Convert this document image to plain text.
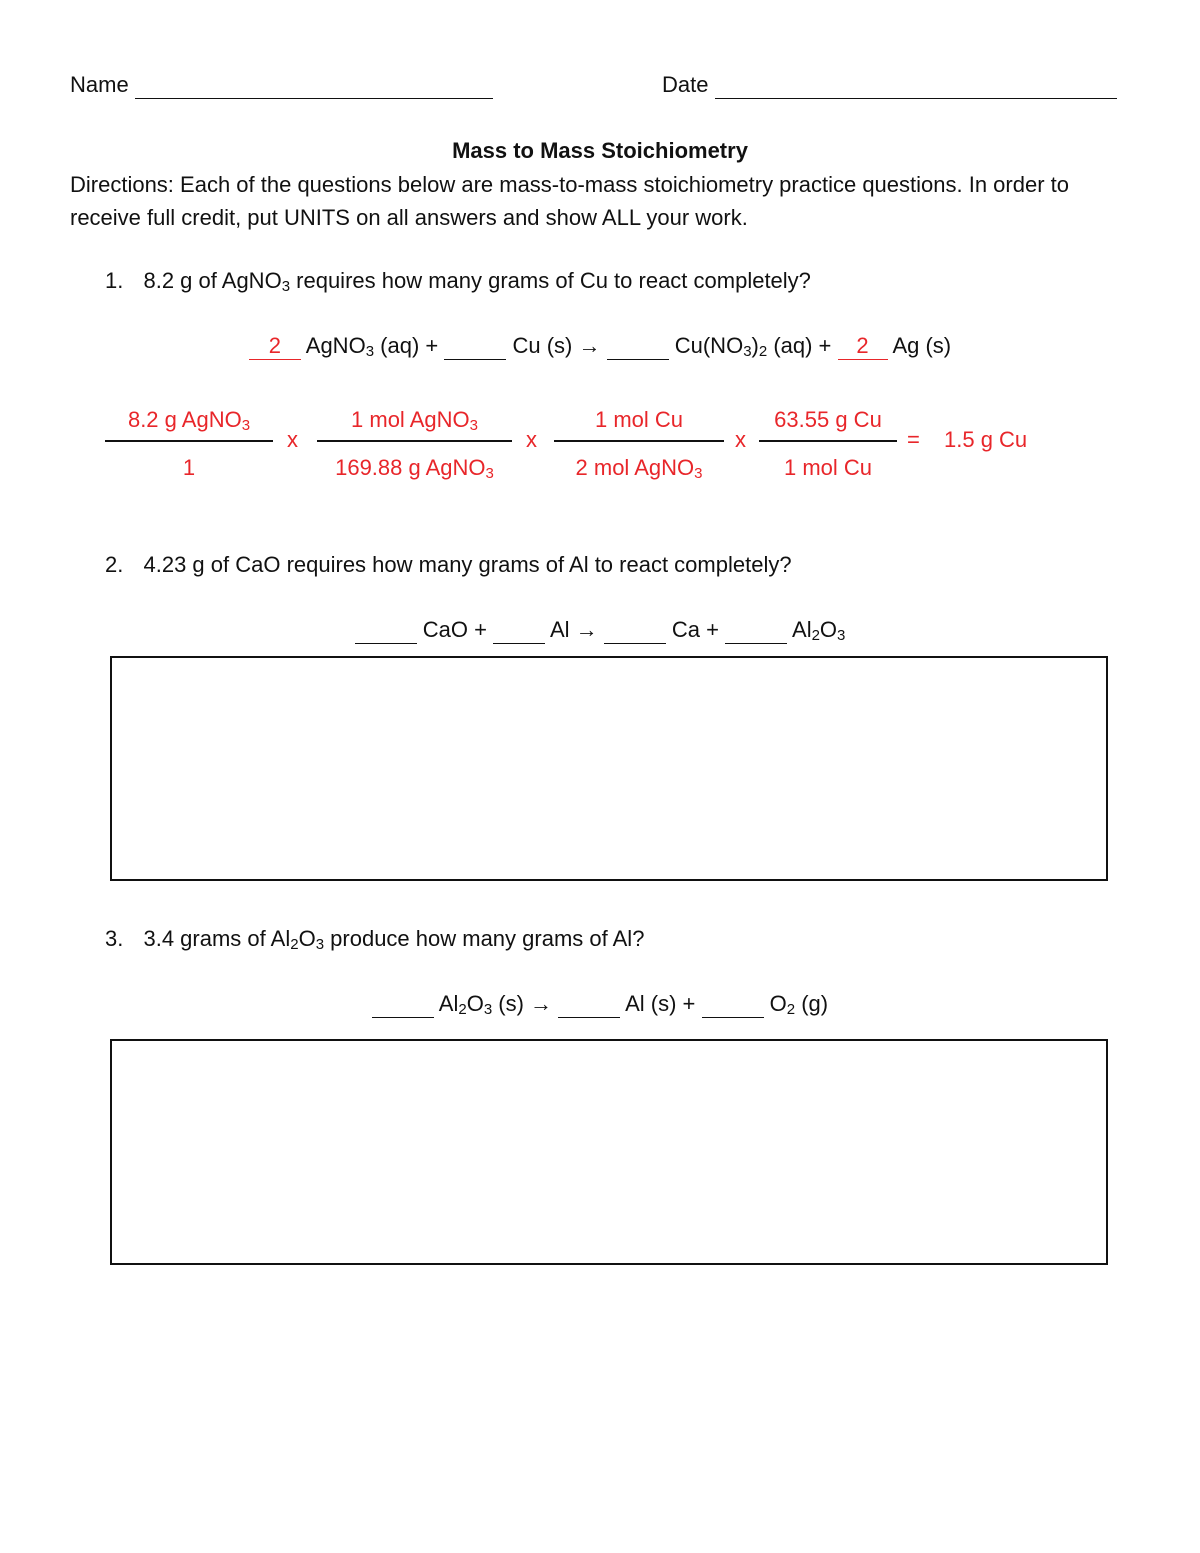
Name	Date
Mass to Mass Stoichiometry
Directions: Each of the questions below are mass-to-mass stoichiometry practice questions. In order to receive full credit, put UNITS on all answers and show ALL your work.
1. 8.2 g of AgNO$_3$ requires how many grams of Cu to react completely?
2 AgNO$_3$ (aq) +	Cu (s) →	$Cu(NO_3)_2$ (aq) + 2 Ag (s)
8.2 g AgNO$_3$
1
x
1 mol AgNO$_3$
169.88 g AgNO$_3$
x
1 mol Cu
2 mol AgNO$_3$
x
63.55 g Cu
1 mol Cu
= 1.5 g Cu
2. 4.23 g of CaO requires how many grams of Al to react completely?
CaO +	Al →	Ca +	$Al_2O_3$
3. 3.4 grams of $Al_2O_3$ produce how many grams of Al?
$Al_2O_3$ (s) →	Al (s) +	$O_2$ (g)
